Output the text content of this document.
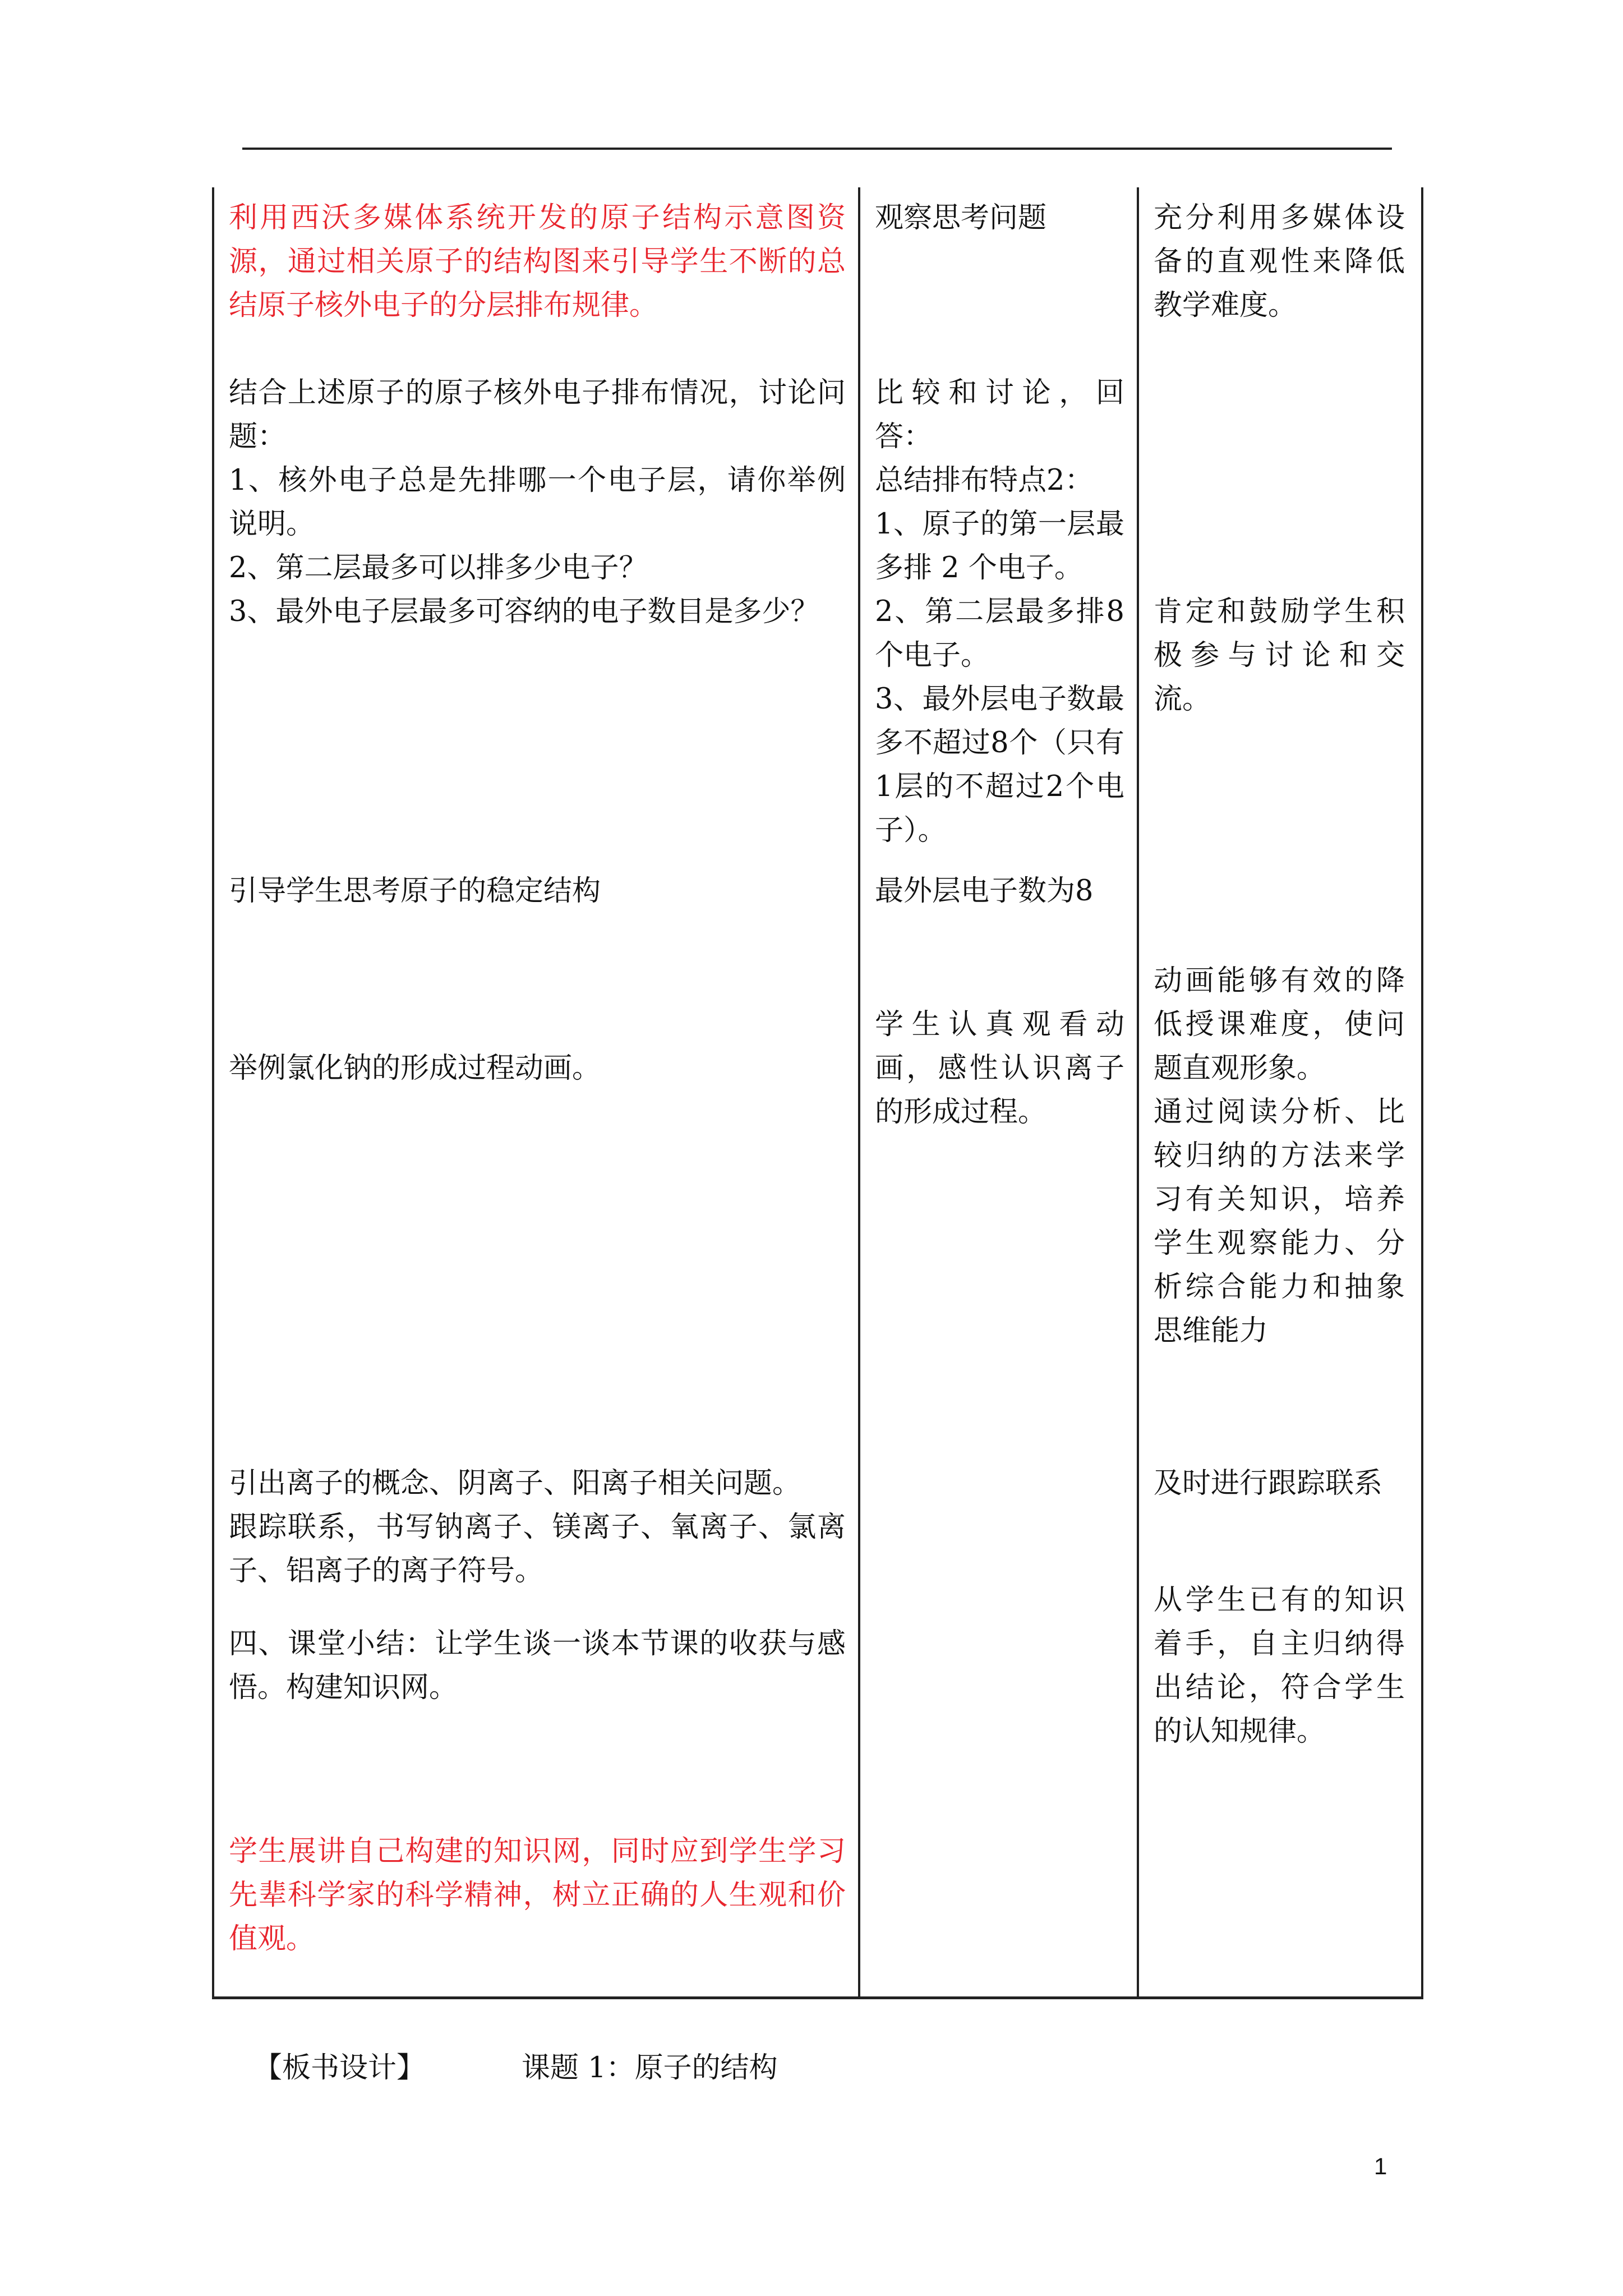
利用西沃多媒体系统开发的原子结构示意图资源，通过相关原子的结构图来引导学生不断的总结原子核外电子的分层排布规律。

结合上述原子的原子核外电子排布情况，讨论问题：

1、核外电子总是先排哪一个电子层，请你举例说明。

2、第二层最多可以排多少电子？

3、最外电子层最多可容纳的电子数目是多少？

引导学生思考原子的稳定结构

举例氯化钠的形成过程动画。

引出离子的概念、阴离子、阳离子相关问题。

跟踪联系，书写钠离子、镁离子、氧离子、氯离子、铝离子的离子符号。

四、课堂小结：让学生谈一谈本节课的收获与感悟。构建知识网。

学生展讲自己构建的知识网，同时应到学生学习先辈科学家的科学精神，树立正确的人生观和价值观。

观察思考问题

比较和讨论，回答：

总结排布特点2：

1、原子的第一层最多排 2 个电子。

2、第二层最多排8个电子。

3、最外层电子数最多不超过8个（只有1层的不超过2个电子）。

最外层电子数为8

学生认真观看动画，感性认识离子的形成过程。

充分利用多媒体设备的直观性来降低教学难度。

肯定和鼓励学生积极参与讨论和交流。

动画能够有效的降低授课难度，使问题直观形象。

通过阅读分析、比较归纳的方法来学习有关知识，培养学生观察能力、分析综合能力和抽象思维能力

及时进行跟踪联系

从学生已有的知识着手，自主归纳得出结论，符合学生的认知规律。

【板书设计】	课题 1：原子的结构
1
